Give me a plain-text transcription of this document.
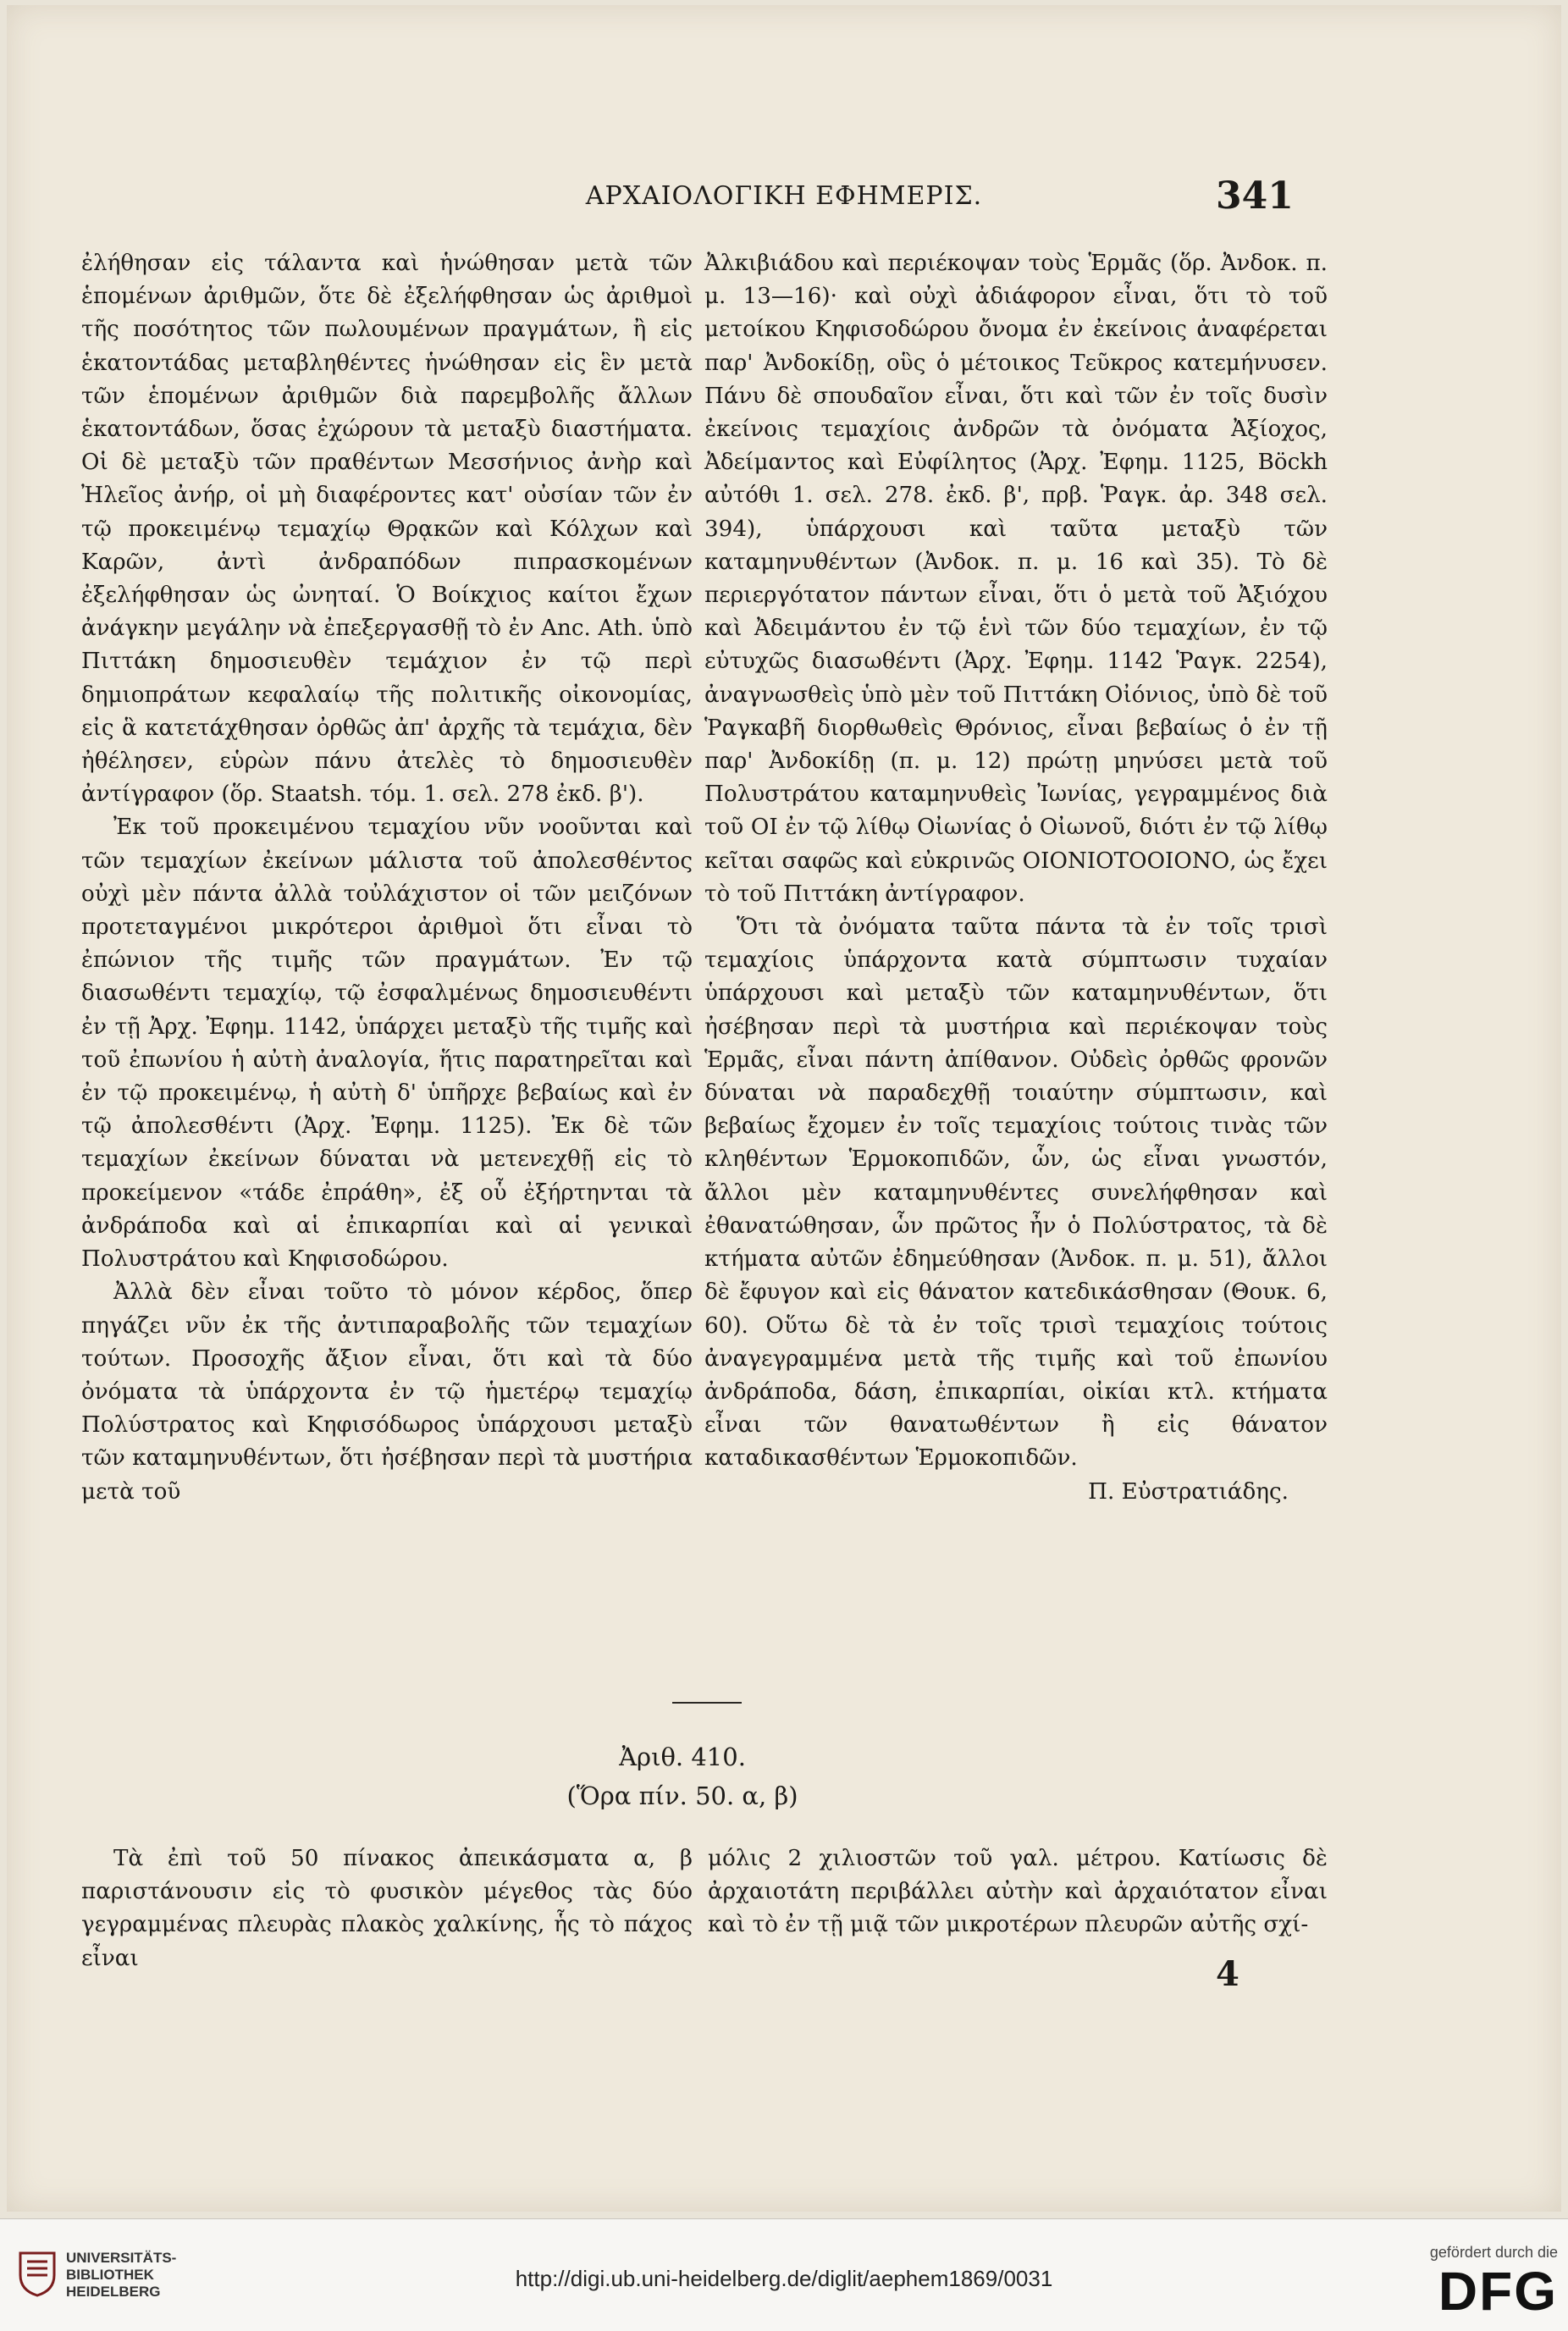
ΑΡΧΑΙΟΛΟΓΙΚΗ ΕΦΗΜΕΡΙΣ.	341

ἐλήθησαν εἰς τάλαντα καὶ ἡνώθησαν μετὰ τῶν ἑπομένων ἀριθμῶν, ὅτε δὲ ἐξελήφθησαν ὡς ἀριθμοὶ τῆς ποσότητος τῶν πωλουμένων πραγμάτων, ἢ εἰς ἑκατοντάδας μεταβληθέντες ἡνώθησαν εἰς ἓν μετὰ τῶν ἑπομένων ἀριθμῶν διὰ παρεμβολῆς ἄλλων ἑκατοντάδων, ὅσας ἐχώρουν τὰ μεταξὺ διαστήματα. Οἱ δὲ μεταξὺ τῶν πραθέντων Μεσσήνιος ἀνὴρ καὶ Ἠλεῖος ἀνήρ, οἱ μὴ διαφέροντες κατ' οὐσίαν τῶν ἐν τῷ προκειμένῳ τεμαχίῳ Θρᾳκῶν καὶ Κόλχων καὶ Καρῶν, ἀντὶ ἀνδραπόδων πιπρασκομένων ἐξελήφθησαν ὡς ὠνηταί. Ὁ Βοίκχιος καίτοι ἔχων ἀνάγκην μεγάλην νὰ ἐπεξεργασθῇ τὸ ἐν Anc. Ath. ὑπὸ Πιττάκη δημοσιευθὲν τεμάχιον ἐν τῷ περὶ δημιοπράτων κεφαλαίῳ τῆς πολιτικῆς οἰκονομίας, εἰς ἃ κατετάχθησαν ὀρθῶς ἀπ' ἀρχῆς τὰ τεμάχια, δὲν ἠθέλησεν, εὑρὼν πάνυ ἀτελὲς τὸ δημοσιευθὲν ἀντίγραφον (ὅρ. Staatsh. τόμ. 1. σελ. 278 ἐκδ. β').

Ἐκ τοῦ προκειμένου τεμαχίου νῦν νοοῦνται καὶ τῶν τεμαχίων ἐκείνων μάλιστα τοῦ ἀπολεσθέντος οὐχὶ μὲν πάντα ἀλλὰ τοὐλάχιστον οἱ τῶν μειζόνων προτεταγμένοι μικρότεροι ἀριθμοὶ ὅτι εἶναι τὸ ἐπώνιον τῆς τιμῆς τῶν πραγμάτων. Ἐν τῷ διασωθέντι τεμαχίῳ, τῷ ἐσφαλμένως δημοσιευθέντι ἐν τῇ Ἀρχ. Ἐφημ. 1142, ὑπάρχει μεταξὺ τῆς τιμῆς καὶ τοῦ ἐπωνίου ἡ αὐτὴ ἀναλογία, ἥτις παρατηρεῖται καὶ ἐν τῷ προκειμένῳ, ἡ αὐτὴ δ' ὑπῆρχε βεβαίως καὶ ἐν τῷ ἀπολεσθέντι (Ἀρχ. Ἐφημ. 1125). Ἐκ δὲ τῶν τεμαχίων ἐκείνων δύναται νὰ μετενεχθῇ εἰς τὸ προκείμενον «τάδε ἐπράθη», ἐξ οὗ ἐξήρτηνται τὰ ἀνδράποδα καὶ αἱ ἐπικαρπίαι καὶ αἱ γενικαὶ Πολυστράτου καὶ Κηφισοδώρου.

Ἀλλὰ δὲν εἶναι τοῦτο τὸ μόνον κέρδος, ὅπερ πηγάζει νῦν ἐκ τῆς ἀντιπαραβολῆς τῶν τεμαχίων τούτων. Προσοχῆς ἄξιον εἶναι, ὅτι καὶ τὰ δύο ὀνόματα τὰ ὑπάρχοντα ἐν τῷ ἡμετέρῳ τεμαχίῳ Πολύστρατος καὶ Κηφισόδωρος ὑπάρχουσι μεταξὺ τῶν καταμηνυθέντων, ὅτι ἠσέβησαν περὶ τὰ μυστήρια μετὰ τοῦ

Ἀλκιβιάδου καὶ περιέκοψαν τοὺς Ἑρμᾶς (ὅρ. Ἀνδοκ. π. μ. 13—16)· καὶ οὐχὶ ἀδιάφορον εἶναι, ὅτι τὸ τοῦ μετοίκου Κηφισοδώρου ὄνομα ἐν ἐκείνοις ἀναφέρεται παρ' Ἀνδοκίδῃ, οὓς ὁ μέτοικος Τεῦκρος κατεμήνυσεν. Πάνυ δὲ σπουδαῖον εἶναι, ὅτι καὶ τῶν ἐν τοῖς δυσὶν ἐκείνοις τεμαχίοις ἀνδρῶν τὰ ὀνόματα Ἀξίοχος, Ἀδείμαντος καὶ Εὐφίλητος (Ἀρχ. Ἐφημ. 1125, Böckh αὐτόθι 1. σελ. 278. ἐκδ. β', πρβ. Ῥαγκ. ἀρ. 348 σελ. 394), ὑπάρχουσι καὶ ταῦτα μεταξὺ τῶν καταμηνυθέντων (Ἀνδοκ. π. μ. 16 καὶ 35). Τὸ δὲ περιεργότατον πάντων εἶναι, ὅτι ὁ μετὰ τοῦ Ἀξιόχου καὶ Ἀδειμάντου ἐν τῷ ἑνὶ τῶν δύο τεμαχίων, ἐν τῷ εὐτυχῶς διασωθέντι (Ἀρχ. Ἐφημ. 1142 Ῥαγκ. 2254), ἀναγνωσθεὶς ὑπὸ μὲν τοῦ Πιττάκη Οἰόνιος, ὑπὸ δὲ τοῦ Ῥαγκαβῆ διορθωθεὶς Θρόνιος, εἶναι βεβαίως ὁ ἐν τῇ παρ' Ἀνδοκίδῃ (π. μ. 12) πρώτῃ μηνύσει μετὰ τοῦ Πολυστράτου καταμηνυθεὶς Ἰωνίας, γεγραμμένος διὰ τοῦ ΟΙ ἐν τῷ λίθῳ Οἰωνίας ὁ Οἰωνοῦ, διότι ἐν τῷ λίθῳ κεῖται σαφῶς καὶ εὐκρινῶς ΟΙΟΝΙΟΤΟΟΙΟΝΟ, ὡς ἔχει τὸ τοῦ Πιττάκη ἀντίγραφον.

Ὅτι τὰ ὀνόματα ταῦτα πάντα τὰ ἐν τοῖς τρισὶ τεμαχίοις ὑπάρχοντα κατὰ σύμπτωσιν τυχαίαν ὑπάρχουσι καὶ μεταξὺ τῶν καταμηνυθέντων, ὅτι ἠσέβησαν περὶ τὰ μυστήρια καὶ περιέκοψαν τοὺς Ἑρμᾶς, εἶναι πάντη ἀπίθανον. Οὐδεὶς ὀρθῶς φρονῶν δύναται νὰ παραδεχθῇ τοιαύτην σύμπτωσιν, καὶ βεβαίως ἔχομεν ἐν τοῖς τεμαχίοις τούτοις τινὰς τῶν κληθέντων Ἑρμοκοπιδῶν, ὧν, ὡς εἶναι γνωστόν, ἄλλοι μὲν καταμηνυθέντες συνελήφθησαν καὶ ἐθανατώθησαν, ὧν πρῶτος ἦν ὁ Πολύστρατος, τὰ δὲ κτήματα αὐτῶν ἐδημεύθησαν (Ἀνδοκ. π. μ. 51), ἄλλοι δὲ ἔφυγον καὶ εἰς θάνατον κατεδικάσθησαν (Θουκ. 6, 60). Οὕτω δὲ τὰ ἐν τοῖς τρισὶ τεμαχίοις τούτοις ἀναγεγραμμένα μετὰ τῆς τιμῆς καὶ τοῦ ἐπωνίου ἀνδράποδα, δάση, ἐπικαρπίαι, οἰκίαι κτλ. κτήματα εἶναι τῶν θανατωθέντων ἢ εἰς θάνατον καταδικασθέντων Ἑρμοκοπιδῶν.

Π. Εὐστρατιάδης.

Ἀριθ. 410.
(Ὅρα πίν. 50. α, β)

Τὰ ἐπὶ τοῦ 50 πίνακος ἀπεικάσματα α, β παριστάνουσιν εἰς τὸ φυσικὸν μέγεθος τὰς δύο γεγραμμένας πλευρὰς πλακὸς χαλκίνης, ἧς τὸ πάχος εἶναι

μόλις 2 χιλιοστῶν τοῦ γαλ. μέτρου. Κατίωσις δὲ ἀρχαιοτάτη περιβάλλει αὐτὴν καὶ ἀρχαιότατον εἶναι καὶ τὸ ἐν τῇ μιᾷ τῶν μικροτέρων πλευρῶν αὐτῆς σχί-

4
UNIVERSITÄTS-
BIBLIOTHEK
HEIDELBERG
http://digi.ub.uni-heidelberg.de/diglit/aephem1869/0031
gefördert durch die
DFG
